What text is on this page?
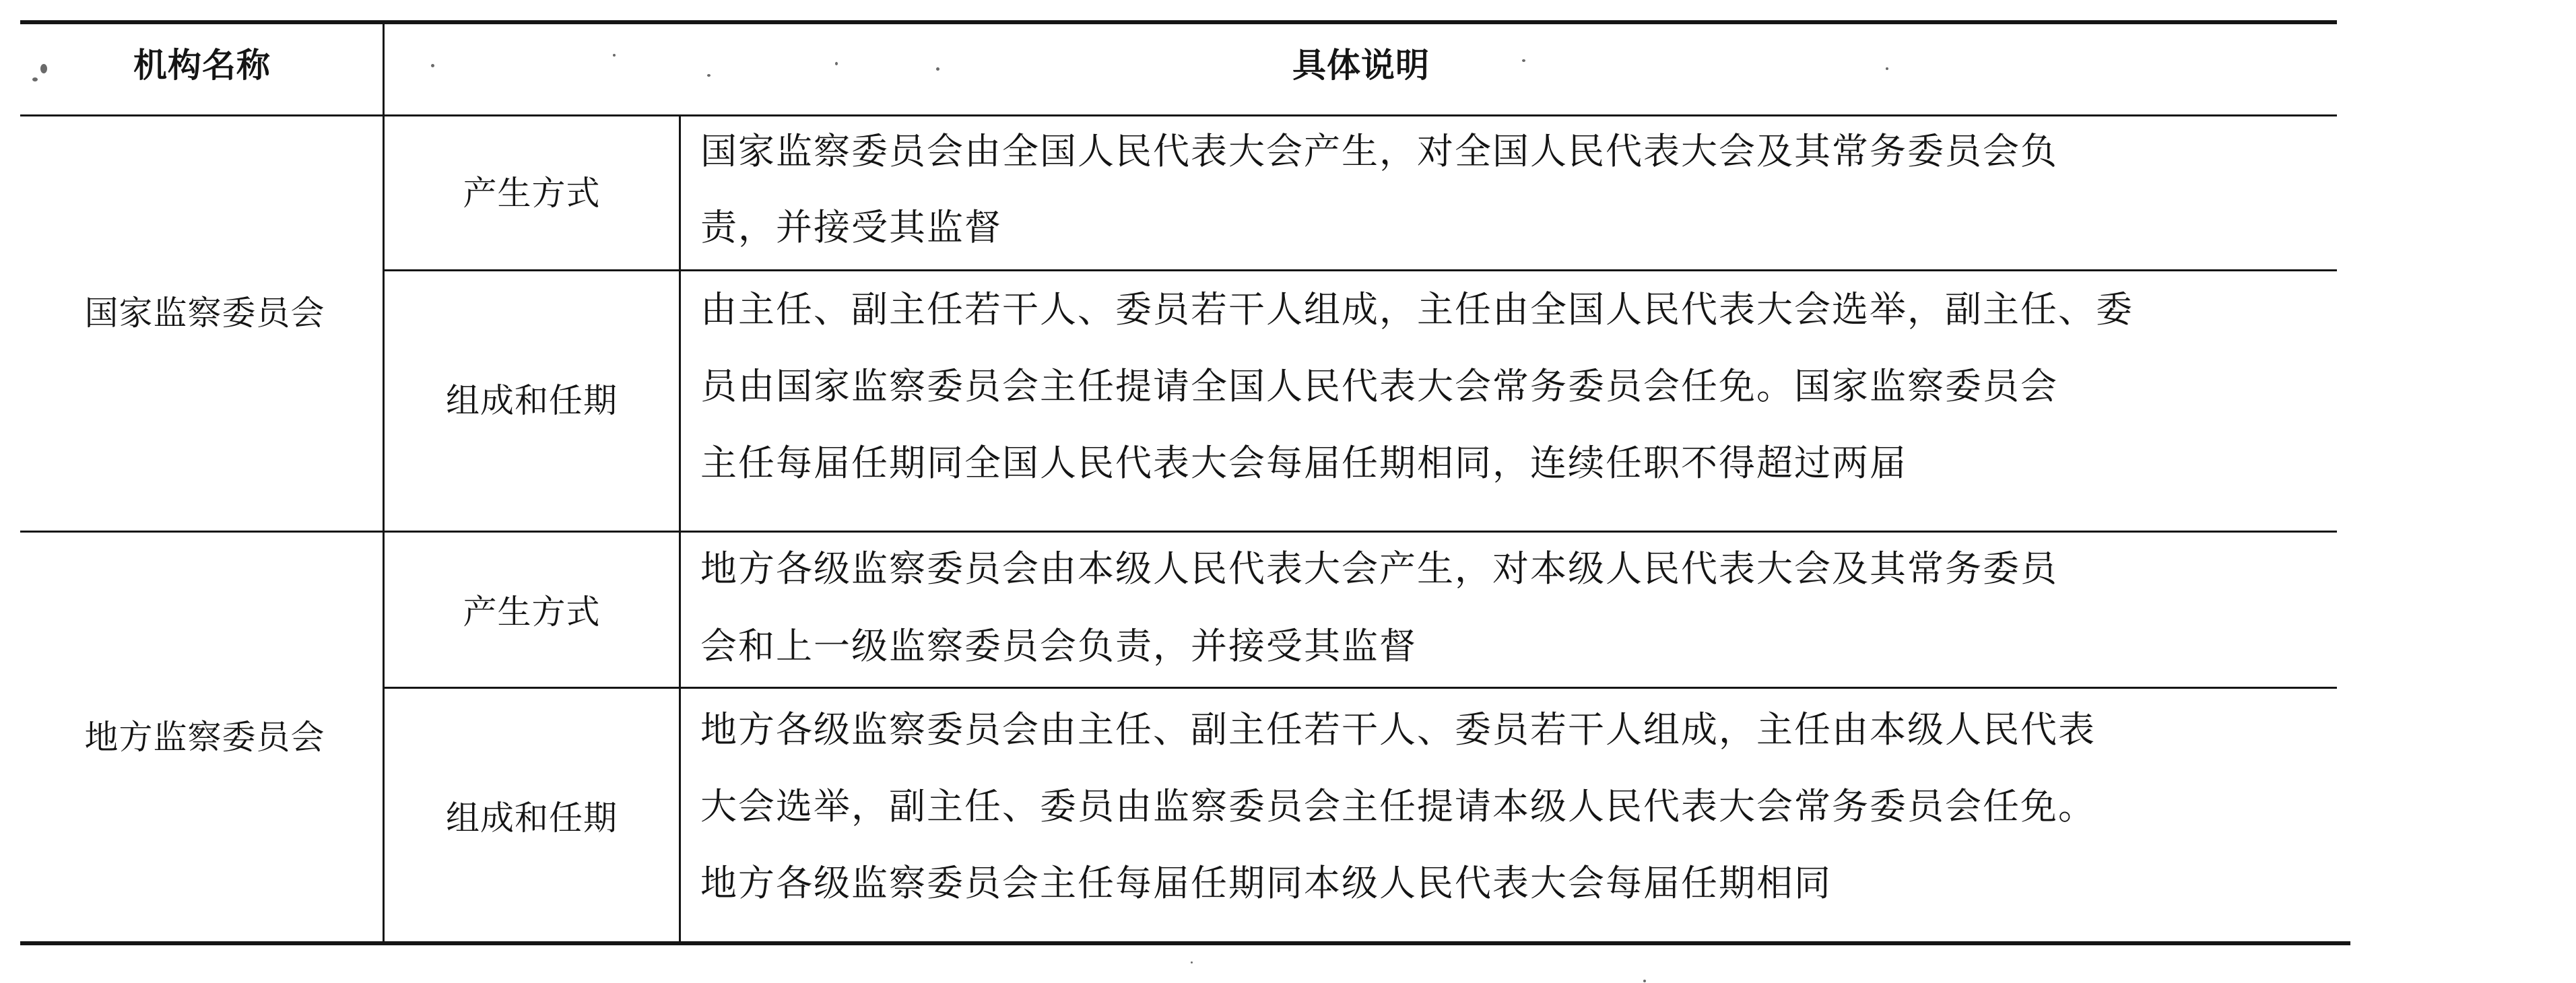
机构名称	具体说明
国家监察委员会
产生方式
国家监察委员会由全国人民代表大会产生，对全国人民代表大会及其常务委员会负
责，并接受其监督
组成和任期
由主任、副主任若干人、委员若干人组成，主任由全国人民代表大会选举，副主任、委
员由国家监察委员会主任提请全国人民代表大会常务委员会任免。国家监察委员会
主任每届任期同全国人民代表大会每届任期相同，连续任职不得超过两届
地方监察委员会
产生方式
地方各级监察委员会由本级人民代表大会产生，对本级人民代表大会及其常务委员
会和上一级监察委员会负责，并接受其监督
组成和任期
地方各级监察委员会由主任、副主任若干人、委员若干人组成，主任由本级人民代表
大会选举，副主任、委员由监察委员会主任提请本级人民代表大会常务委员会任免。
地方各级监察委员会主任每届任期同本级人民代表大会每届任期相同
